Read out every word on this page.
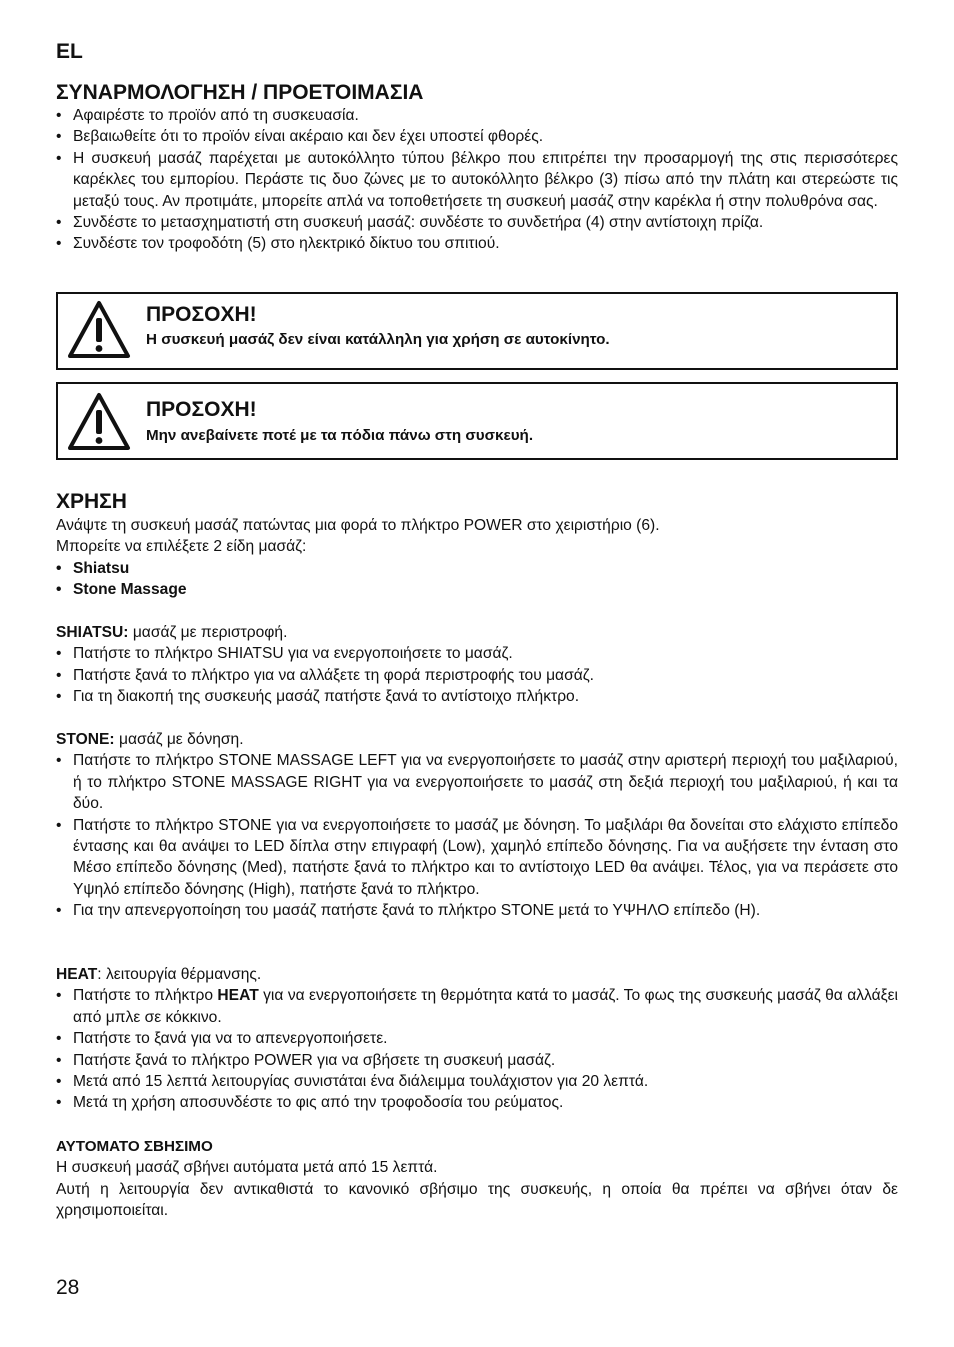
EL
ΣΥΝΑΡΜΟΛΟΓΗΣΗ / ΠΡΟΕΤΟΙΜΑΣΙΑ
• Αφαιρέστε το προϊόν από τη συσκευασία.
• Βεβαιωθείτε ότι το προϊόν είναι ακέραιο και δεν έχει υποστεί φθορές.
• Η συσκευή μασάζ παρέχεται με αυτοκόλλητο τύπου βέλκρο που επιτρέπει την προσαρμογή της στις περισσότερες καρέκλες του εμπορίου. Περάστε τις δυο ζώνες με το αυτοκόλλητο βέλκρο (3) πίσω από την πλάτη και στερεώστε τις μεταξύ τους. Αν προτιμάτε, μπορείτε απλά να τοποθετήσετε τη συσκευή μασάζ στην καρέκλα ή στην πολυθρόνα σας.
• Συνδέστε το μετασχηματιστή στη συσκευή μασάζ: συνδέστε το συνδετήρα (4) στην αντίστοιχη πρίζα.
• Συνδέστε τον τροφοδότη (5) στο ηλεκτρικό δίκτυο του σπιτιού.
ΠΡΟΣΟΧΗ!
Η συσκευή μασάζ δεν είναι κατάλληλη για χρήση σε αυτοκίνητο.
ΠΡΟΣΟΧΗ!
Μην ανεβαίνετε ποτέ με τα πόδια πάνω στη συσκευή.
ΧΡΗΣΗ

Ανάψτε τη συσκευή μασάζ πατώντας μια φορά το πλήκτρο POWER στο χειριστήριο (6).

Μπορείτε να επιλέξετε 2 είδη μασάζ:

• Shiatsu
• Stone Massage

SHIATSU: μασάζ με περιστροφή.

• Πατήστε το πλήκτρο SHIATSU για να ενεργοποιήσετε το μασάζ.
• Πατήστε ξανά το πλήκτρο για να αλλάξετε τη φορά περιστροφής του μασάζ.
• Για τη διακοπή της συσκευής μασάζ πατήστε ξανά το αντίστοιχο πλήκτρο.

STONE: μασάζ με δόνηση.

• Πατήστε το πλήκτρο STONE MASSAGE LEFT για να ενεργοποιήσετε το μασάζ στην αριστερή περιοχή του μαξιλαριού, ή το πλήκτρο STONE MASSAGE RIGHT για να ενεργοποιήσετε το μασάζ στη δεξιά περιοχή του μαξιλαριού, ή και τα δύο.
• Πατήστε το πλήκτρο STONE για να ενεργοποιήσετε το μασάζ με δόνηση. Το μαξιλάρι θα δονείται στο ελάχιστο επίπεδο έντασης και θα ανάψει το LED δίπλα στην επιγραφή (Low), χαμηλό επίπεδο δόνησης. Για να αυξήσετε την ένταση στο Μέσο επίπεδο δόνησης (Med), πατήστε ξανά το πλήκτρο και το αντίστοιχο LED θα ανάψει. Τέλος, για να περάσετε στο Υψηλό επίπεδο δόνησης (High), πατήστε ξανά το πλήκτρο.
• Για την απενεργοποίηση του μασάζ πατήστε ξανά το πλήκτρο STONE μετά το ΥΨΗΛΟ επίπεδο (H).

HEAT: λειτουργία θέρμανσης.

• Πατήστε το πλήκτρο HEAT για να ενεργοποιήσετε τη θερμότητα κατά το μασάζ. Το φως της συσκευής μασάζ θα αλλάξει από μπλε σε κόκκινο.
• Πατήστε το ξανά για να το απενεργοποιήσετε.
• Πατήστε ξανά το πλήκτρο POWER για να σβήσετε τη συσκευή μασάζ.
• Μετά από 15 λεπτά λειτουργίας συνιστάται ένα διάλειμμα τουλάχιστον για 20 λεπτά.
• Μετά τη χρήση αποσυνδέστε το φις από την τροφοδοσία του ρεύματος.

ΑΥΤΟΜΑΤΟ ΣΒΗΣΙΜΟ

Η συσκευή μασάζ σβήνει αυτόματα μετά από 15 λεπτά.

Αυτή η λειτουργία δεν αντικαθιστά το κανονικό σβήσιμο της συσκευής, η οποία θα πρέπει να σβήνει όταν δε χρησιμοποιείται.

28
